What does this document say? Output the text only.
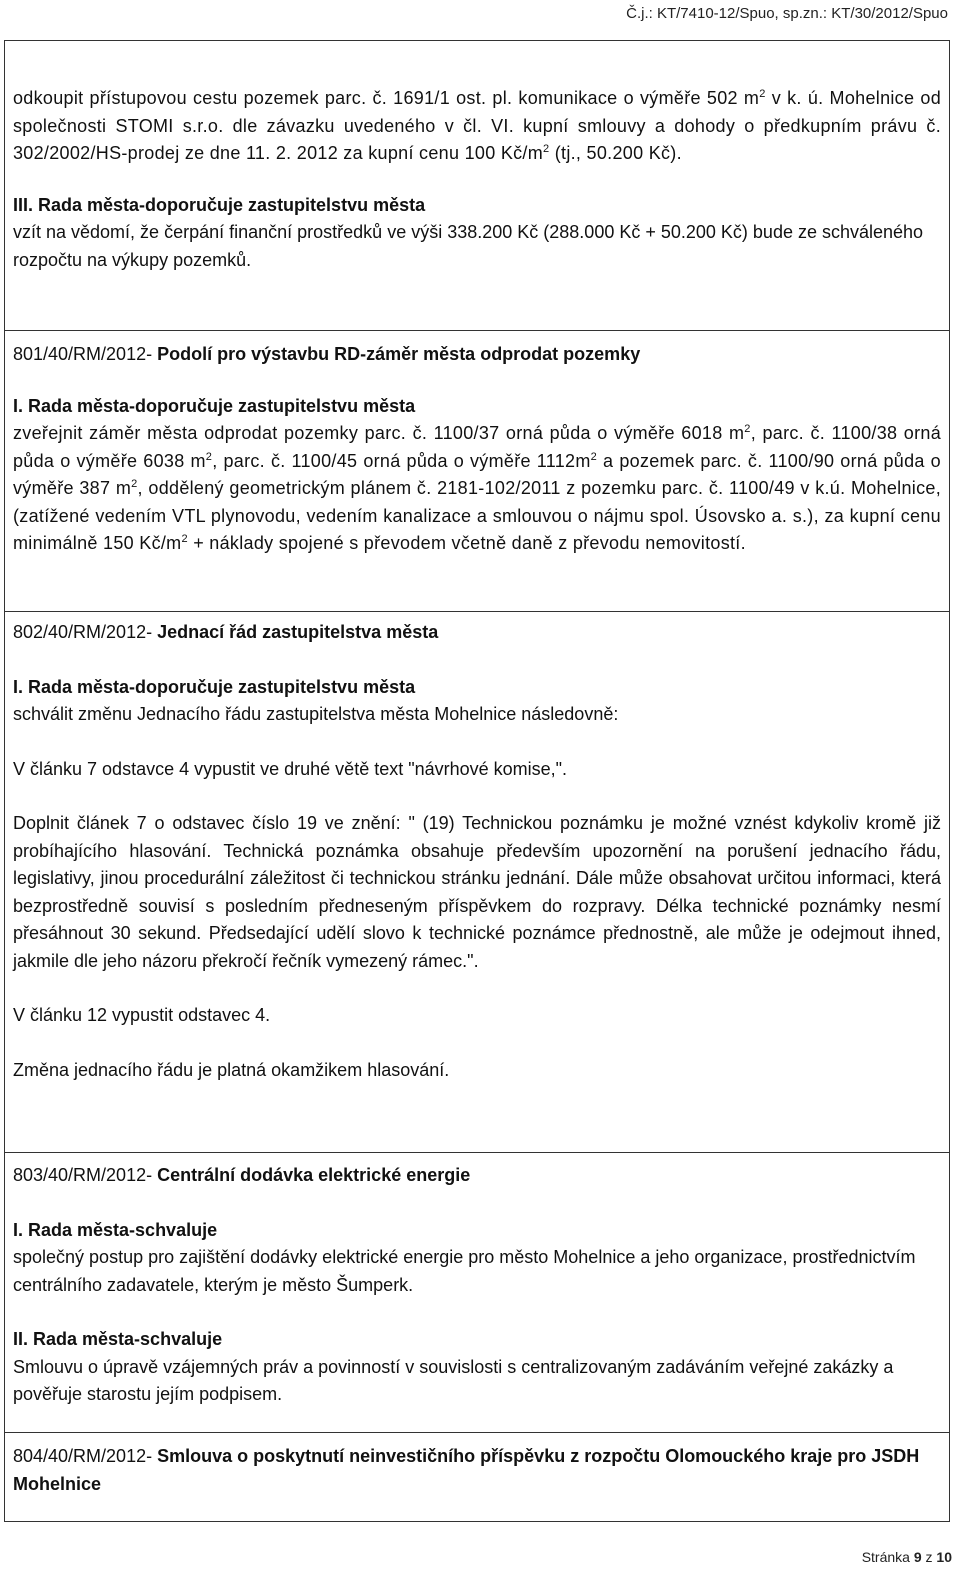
Č.j.: KT/7410-12/Spuo, sp.zn.: KT/30/2012/Spuo

odkoupit přístupovou cestu pozemek parc. č. 1691/1 ost. pl. komunikace o výměře 502 $m^2$ v k. ú. Mohelnice od společnosti STOMI s.r.o. dle závazku uvedeného v čl. VI. kupní smlouvy a dohody o předkupním právu č. 302/2002/HS-prodej ze dne 11. 2. 2012 za kupní cenu 100 $Kč/m^2$ (tj., 50.200 Kč).

III. Rada města-doporučuje zastupitelstvu města

vzít na vědomí, že čerpání finanční prostředků ve výši 338.200 Kč (288.000 Kč + 50.200 Kč) bude ze schváleného rozpočtu na výkupy pozemků.

801/40/RM/2012- Podolí pro výstavbu RD-záměr města odprodat pozemky

I. Rada města-doporučuje zastupitelstvu města

zveřejnit záměr města odprodat pozemky parc. č. 1100/37 orná půda o výměře 6018 $m^2$, parc. č. 1100/38 orná půda o výměře 6038 $m^2$, parc. č. 1100/45 orná půda o výměře $1112m^2$ a pozemek parc. č. 1100/90 orná půda o výměře 387 $m^2$, oddělený geometrickým plánem č. 2181-102/2011 z pozemku parc. č. 1100/49 v k.ú. Mohelnice, (zatížené vedením VTL plynovodu, vedením kanalizace a smlouvou o nájmu spol. Úsovsko a. s.), za kupní cenu minimálně 150 $Kč/m^2$ + náklady spojené s převodem včetně daně z převodu nemovitostí.

802/40/RM/2012- Jednací řád zastupitelstva města

I. Rada města-doporučuje zastupitelstvu města

schválit změnu Jednacího řádu zastupitelstva města Mohelnice následovně:

V článku 7 odstavce 4 vypustit ve druhé větě text "návrhové komise,".

Doplnit článek 7 o odstavec číslo 19 ve znění: " (19) Technickou poznámku je možné vznést kdykoliv kromě již probíhajícího hlasování. Technická poznámka obsahuje především upozornění na porušení jednacího řádu, legislativy, jinou procedurální záležitost či technickou stránku jednání. Dále může obsahovat určitou informaci, která bezprostředně souvisí s posledním předneseným příspěvkem do rozpravy. Délka technické poznámky nesmí přesáhnout 30 sekund. Předsedající udělí slovo k technické poznámce přednostně, ale může je odejmout ihned, jakmile dle jeho názoru překročí řečník vymezený rámec.".

V článku 12 vypustit odstavec 4.

Změna jednacího řádu je platná okamžikem hlasování.

803/40/RM/2012- Centrální dodávka elektrické energie

I. Rada města-schvaluje

společný postup pro zajištění dodávky elektrické energie pro město Mohelnice a jeho organizace, prostřednictvím centrálního zadavatele, kterým je město Šumperk.

II. Rada města-schvaluje

Smlouvu o úpravě vzájemných práv a povinností v souvislosti s centralizovaným zadáváním veřejné zakázky a pověřuje starostu jejím podpisem.

804/40/RM/2012- Smlouva o poskytnutí neinvestičního příspěvku z rozpočtu Olomouckého kraje pro JSDH Mohelnice

Stránka 9 z 10
